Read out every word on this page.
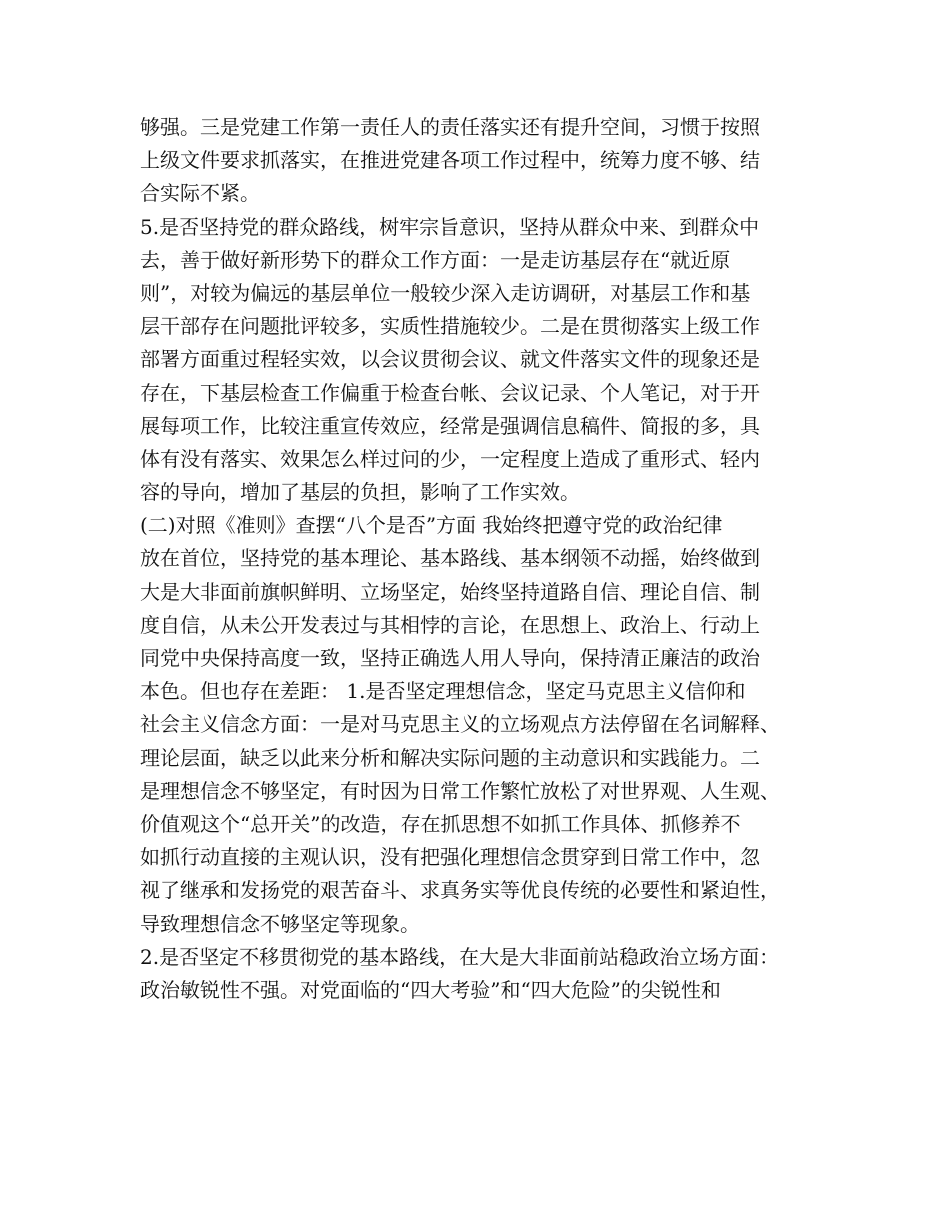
够强。三是党建工作第一责任人的责任落实还有提升空间，习惯于按照
上级文件要求抓落实，在推进党建各项工作过程中，统筹力度不够、结
合实际不紧。
5.是否坚持党的群众路线，树牢宗旨意识，坚持从群众中来、到群众中
去，善于做好新形势下的群众工作方面：一是走访基层存在“就近原
则”，对较为偏远的基层单位一般较少深入走访调研，对基层工作和基
层干部存在问题批评较多，实质性措施较少。二是在贯彻落实上级工作
部署方面重过程轻实效，以会议贯彻会议、就文件落实文件的现象还是
存在，下基层检查工作偏重于检查台帐、会议记录、个人笔记，对于开
展每项工作，比较注重宣传效应，经常是强调信息稿件、简报的多，具
体有没有落实、效果怎么样过问的少，一定程度上造成了重形式、轻内
容的导向，增加了基层的负担，影响了工作实效。
(二)对照《准则》查摆“八个是否”方面 我始终把遵守党的政治纪律
放在首位，坚持党的基本理论、基本路线、基本纲领不动摇，始终做到
大是大非面前旗帜鲜明、立场坚定，始终坚持道路自信、理论自信、制
度自信，从未公开发表过与其相悖的言论，在思想上、政治上、行动上
同党中央保持高度一致，坚持正确选人用人导向，保持清正廉洁的政治
本色。但也存在差距： 1.是否坚定理想信念，坚定马克思主义信仰和
社会主义信念方面：一是对马克思主义的立场观点方法停留在名词解释、
理论层面，缺乏以此来分析和解决实际问题的主动意识和实践能力。二
是理想信念不够坚定，有时因为日常工作繁忙放松了对世界观、人生观、
价值观这个“总开关”的改造，存在抓思想不如抓工作具体、抓修养不
如抓行动直接的主观认识，没有把强化理想信念贯穿到日常工作中，忽
视了继承和发扬党的艰苦奋斗、求真务实等优良传统的必要性和紧迫性，
导致理想信念不够坚定等现象。
2.是否坚定不移贯彻党的基本路线，在大是大非面前站稳政治立场方面：
政治敏锐性不强。对党面临的“四大考验”和“四大危险”的尖锐性和
